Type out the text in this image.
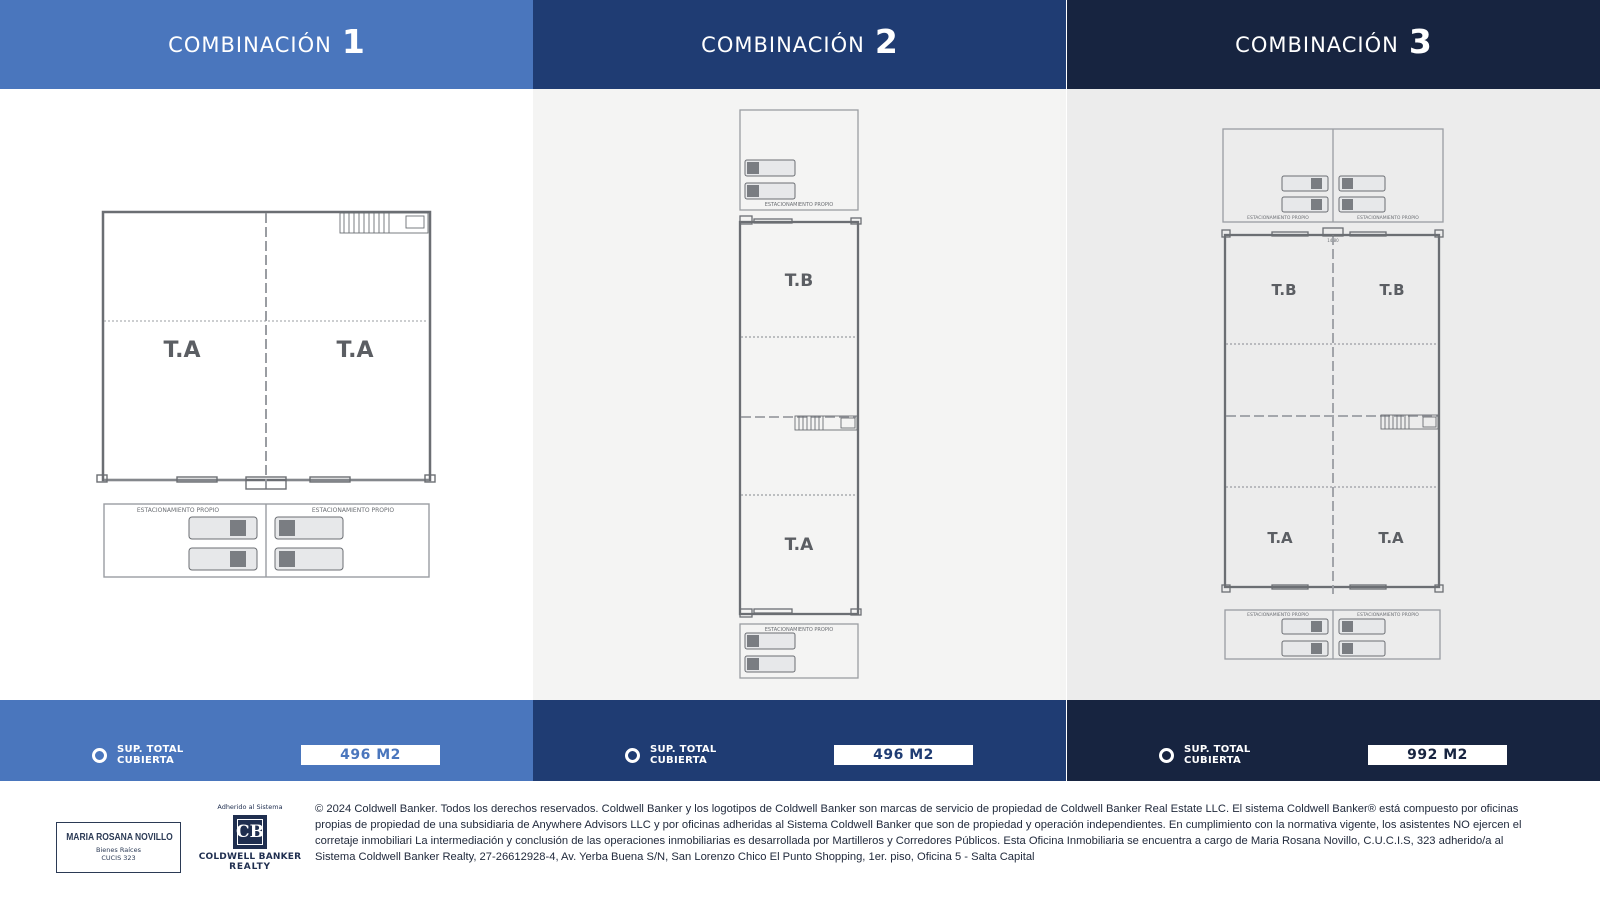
COMBINACIÓN 1
T.A	T.A
ESTACIONAMIENTO PROPIO	ESTACIONAMIENTO PROPIO
SUP. TOTAL
CUBIERTA	496 M2
COMBINACIÓN 2
T.B
T.A
ESTACIONAMIENTO PROPIO
ESTACIONAMIENTO PROPIO
SUP. TOTAL
CUBIERTA	496 M2
COMBINACIÓN 3
14.80
T.B	T.B
T.A	T.A
ESTACIONAMIENTO PROPIO	ESTACIONAMIENTO PROPIO
ESTACIONAMIENTO PROPIO	ESTACIONAMIENTO PROPIO
SUP. TOTAL
CUBIERTA	992 M2
MARIA ROSANA NOVILLO
Bienes Raíces
CUCIS 323
Adherido al Sistema
CB
COLDWELL BANKER
REALTY

© 2024 Coldwell Banker. Todos los derechos reservados. Coldwell Banker y los logotipos de Coldwell Banker son marcas de servicio de propiedad de Coldwell Banker Real Estate LLC. El sistema Coldwell Banker® está compuesto por oficinas propias de propiedad de una subsidiaria de Anywhere Advisors LLC y por oficinas adheridas al Sistema Coldwell Banker que son de propiedad y operación independientes. En cumplimiento con la normativa vigente, los asistentes NO ejercen el corretaje inmobiliari La intermediación y conclusión de las operaciones inmobiliarias es desarrollada por Martilleros y Corredores Públicos. Esta Oficina Inmobiliaria se encuentra a cargo de Maria Rosana Novillo, C.U.C.I.S, 323 adherido/a al Sistema Coldwell Banker Realty, 27-26612928-4, Av. Yerba Buena S/N, San Lorenzo Chico El Punto Shopping, 1er. piso, Oficina 5 - Salta Capital
